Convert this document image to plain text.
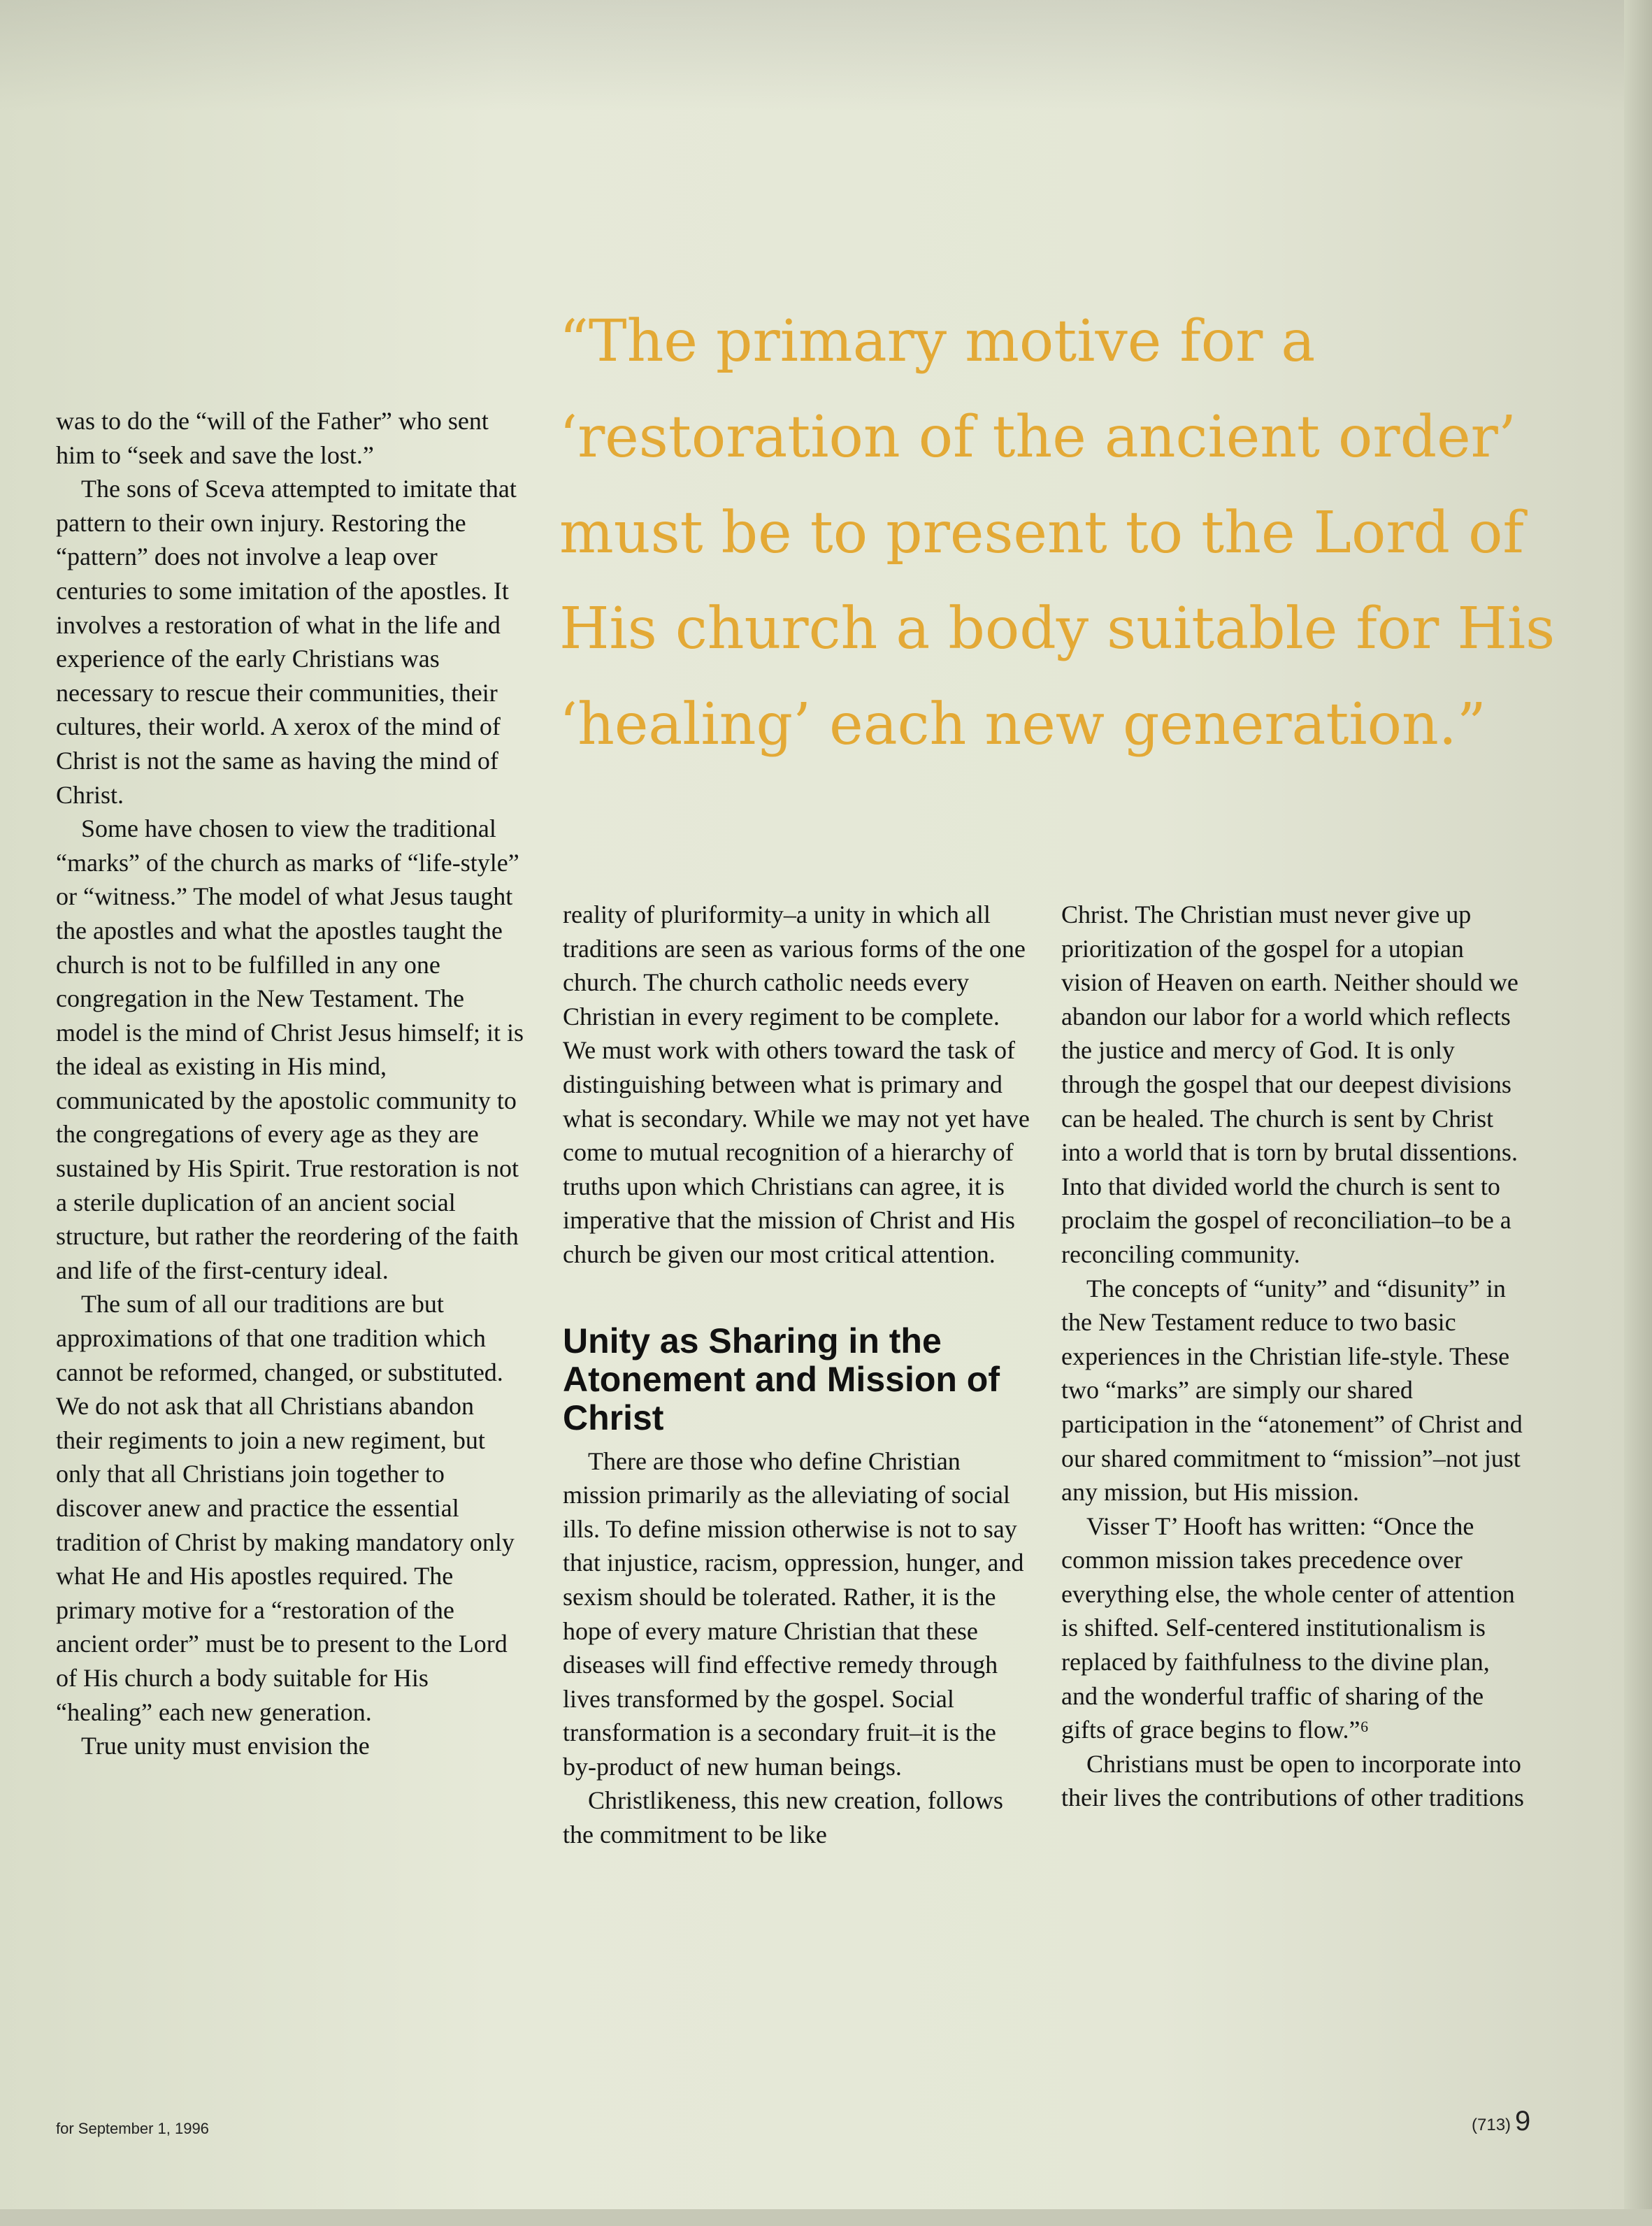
“The primary motive for a ‘restoration of the ancient order’ must be to present to the Lord of His church a body suitable for His ‘healing’ each new generation.”

was to do the “will of the Father” who sent him to “seek and save the lost.”

The sons of Sceva attempted to imitate that pattern to their own injury. Restoring the “pattern” does not involve a leap over centuries to some imitation of the apostles. It involves a restoration of what in the life and experience of the early Christians was necessary to rescue their communities, their cultures, their world. A xerox of the mind of Christ is not the same as having the mind of Christ.

Some have chosen to view the traditional “marks” of the church as marks of “life-style” or “witness.” The model of what Jesus taught the apostles and what the apostles taught the church is not to be fulfilled in any one congregation in the New Testament. The model is the mind of Christ Jesus himself; it is the ideal as existing in His mind, communicated by the apostolic community to the congregations of every age as they are sustained by His Spirit. True restoration is not a sterile duplication of an ancient social structure, but rather the reordering of the faith and life of the first-century ideal.

The sum of all our traditions are but approximations of that one tradition which cannot be reformed, changed, or substituted. We do not ask that all Christians abandon their regiments to join a new regiment, but only that all Christians join together to discover anew and practice the essential tradition of Christ by making mandatory only what He and His apostles required. The primary motive for a “restoration of the ancient order” must be to present to the Lord of His church a body suitable for His “healing” each new generation.

True unity must envision the

reality of pluriformity–a unity in which all traditions are seen as various forms of the one church. The church catholic needs every Christian in every regiment to be complete. We must work with others toward the task of distinguishing between what is primary and what is secondary. While we may not yet have come to mutual recognition of a hierarchy of truths upon which Christians can agree, it is imperative that the mission of Christ and His church be given our most critical attention.

Unity as Sharing in the Atonement and Mission of Christ

There are those who define Christian mission primarily as the alleviating of social ills. To define mission otherwise is not to say that injustice, racism, oppression, hunger, and sexism should be tolerated. Rather, it is the hope of every mature Christian that these diseases will find effective remedy through lives transformed by the gospel. Social transformation is a secondary fruit–it is the by-product of new human beings.

Christlikeness, this new creation, follows the commitment to be like

Christ. The Christian must never give up prioritization of the gospel for a utopian vision of Heaven on earth. Neither should we abandon our labor for a world which reflects the justice and mercy of God. It is only through the gospel that our deepest divisions can be healed. The church is sent by Christ into a world that is torn by brutal dissentions. Into that divided world the church is sent to proclaim the gospel of reconciliation–to be a reconciling community.

The concepts of “unity” and “disunity” in the New Testament reduce to two basic experiences in the Christian life-style. These two “marks” are simply our shared participation in the “atonement” of Christ and our shared commitment to “mission”–not just any mission, but His mission.

Visser T’ Hooft has written: “Once the common mission takes precedence over everything else, the whole center of attention is shifted. Self-centered institutionalism is replaced by faithfulness to the divine plan, and the wonderful traffic of sharing of the gifts of grace begins to flow.”⁶

Christians must be open to incorporate into their lives the contributions of other traditions

for September 1, 1996	(713) 9
